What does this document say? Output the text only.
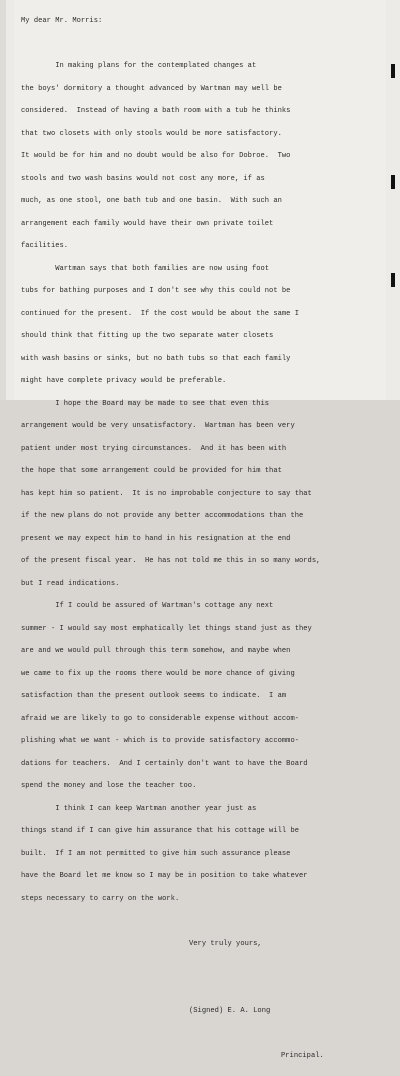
My dear Mr. Morris:

In making plans for the contemplated changes at

the boys' dormitory a thought advanced by Wartman may well be

considered.  Instead of having a bath room with a tub he thinks

that two closets with only stools would be more satisfactory.

It would be for him and no doubt would be also for Dobroe.  Two

stools and two wash basins would not cost any more, if as

much, as one stool, one bath tub and one basin.  With such an

arrangement each family would have their own private toilet

facilities.

Wartman says that both families are now using foot

tubs for bathing purposes and I don't see why this could not be

continued for the present.  If the cost would be about the same I

should think that fitting up the two separate water closets

with wash basins or sinks, but no bath tubs so that each family

might have complete privacy would be preferable.

I hope the Board may be made to see that even this

arrangement would be very unsatisfactory.  Wartman has been very

patient under most trying circumstances.  And it has been with

the hope that some arrangement could be provided for him that

has kept him so patient.  It is no improbable conjecture to say that

if the new plans do not provide any better accommodations than the

present we may expect him to hand in his resignation at the end

of the present fiscal year.  He has not told me this in so many words,

but I read indications.

If I could be assured of Wartman's cottage any next

summer - I would say most emphatically let things stand just as they

are and we would pull through this term somehow, and maybe when

we came to fix up the rooms there would be more chance of giving

satisfaction than the present outlook seems to indicate.  I am

afraid we are likely to go to considerable expense without accom-

plishing what we want - which is to provide satisfactory accommo-

dations for teachers.  And I certainly don't want to have the Board

spend the money and lose the teacher too.

I think I can keep Wartman another year just as

things stand if I can give him assurance that his cottage will be

built.  If I am not permitted to give him such assurance please

have the Board let me know so I may be in position to take whatever

steps necessary to carry on the work.

Very truly yours,

(Signed) E. A. Long

Principal.
